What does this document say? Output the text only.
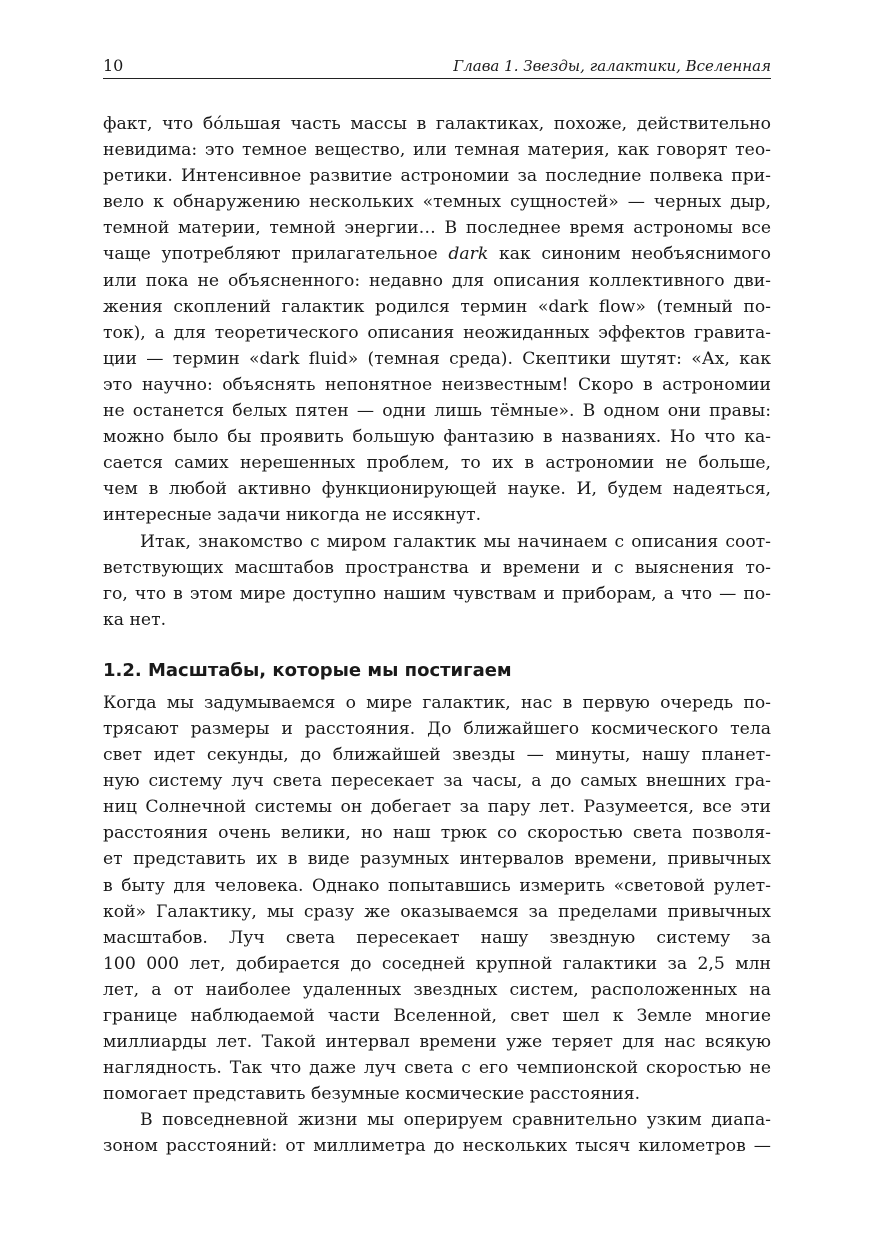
10	Глава 1. Звезды, галактики, Вселенная
факт, что бо́льшая часть массы в галактиках, похоже, действительно
невидима: это темное вещество, или темная материя, как говорят тео-
ретики. Интенсивное развитие астрономии за последние полвека при-
вело к обнаружению нескольких «темных сущностей» — черных дыр,
темной материи, темной энергии… В последнее время астрономы все
чаще употребляют прилагательное dark как синоним необъяснимого
или пока не объясненного: недавно для описания коллективного дви-
жения скоплений галактик родился термин «dark flow» (темный по-
ток), а для теоретического описания неожиданных эффектов гравита-
ции — термин «dark fluid» (темная среда). Скептики шутят: «Ах, как
это научно: объяснять непонятное неизвестным! Скоро в астрономии
не останется белых пятен — одни лишь тёмные». В одном они правы:
можно было бы проявить большую фантазию в названиях. Но что ка-
сается самих нерешенных проблем, то их в астрономии не больше,
чем в любой активно функционирующей науке. И, будем надеяться,
интересные задачи никогда не иссякнут.
Итак, знакомство с миром галактик мы начинаем с описания соот-
ветствующих масштабов пространства и времени и с выяснения то-
го, что в этом мире доступно нашим чувствам и приборам, а что — по-
ка нет.
1.2. Масштабы, которые мы постигаем
Когда мы задумываемся о мире галактик, нас в первую очередь по-
трясают размеры и расстояния. До ближайшего космического тела
свет идет секунды, до ближайшей звезды — минуты, нашу планет-
ную систему луч света пересекает за часы, а до самых внешних гра-
ниц Солнечной системы он добегает за пару лет. Разумеется, все эти
расстояния очень велики, но наш трюк со скоростью света позволя-
ет представить их в виде разумных интервалов времени, привычных
в быту для человека. Однако попытавшись измерить «световой рулет-
кой» Галактику, мы сразу же оказываемся за пределами привычных
масштабов. Луч света пересекает нашу звездную систему за
100 000 лет, добирается до соседней крупной галактики за 2,5 млн
лет, а от наиболее удаленных звездных систем, расположенных на
границе наблюдаемой части Вселенной, свет шел к Земле многие
миллиарды лет. Такой интервал времени уже теряет для нас всякую
наглядность. Так что даже луч света с его чемпионской скоростью не
помогает представить безумные космические расстояния.
В повседневной жизни мы оперируем сравнительно узким диапа-
зоном расстояний: от миллиметра до нескольких тысяч километров —
